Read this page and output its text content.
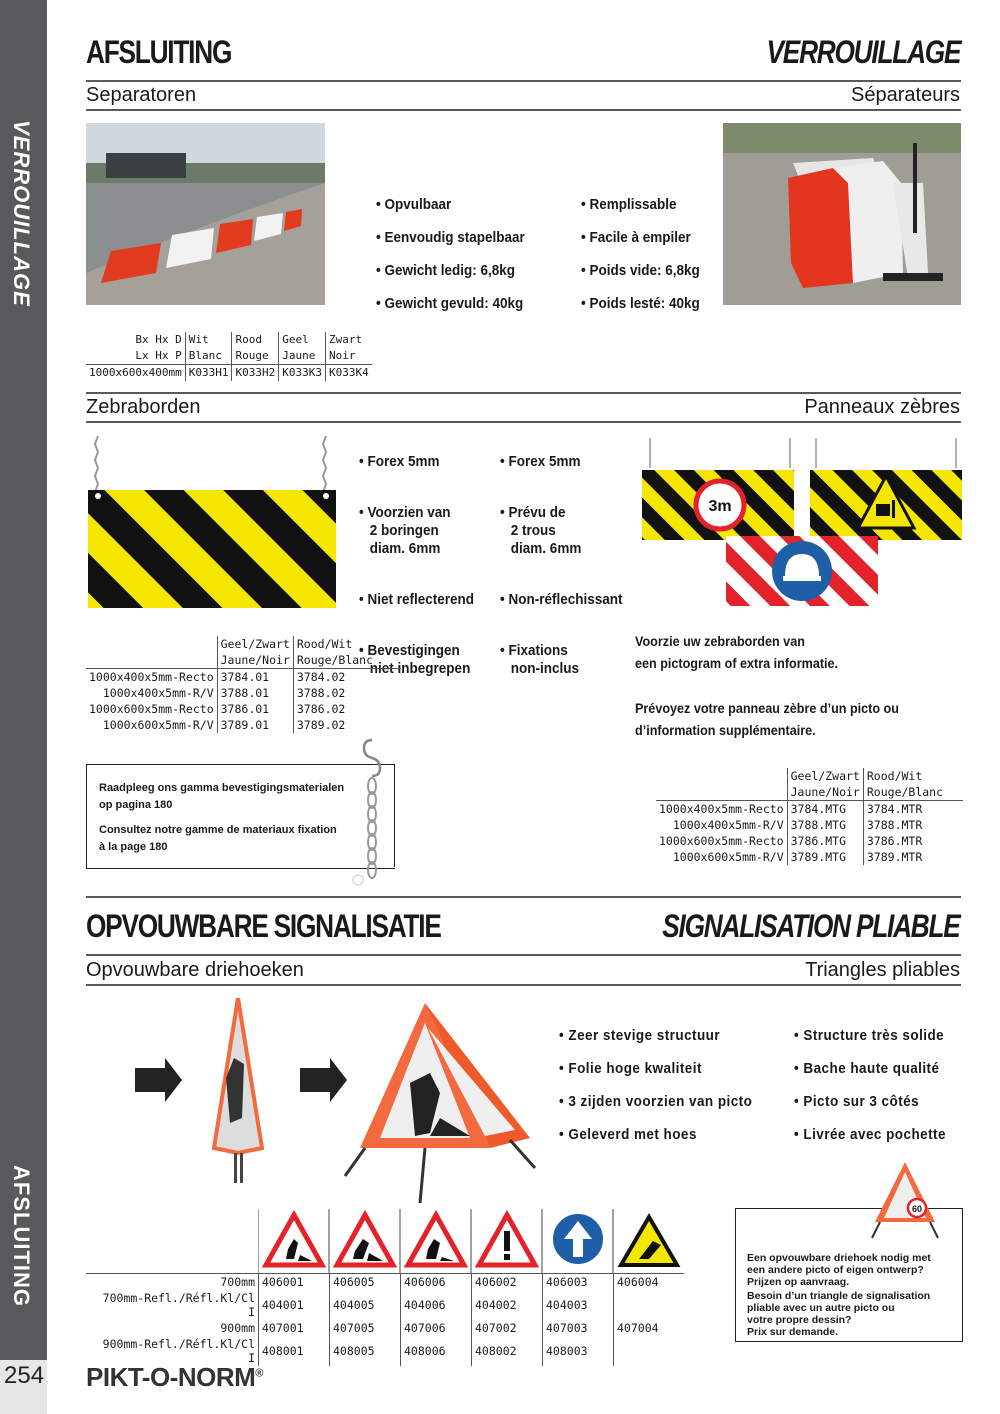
VERROUILLAGE
AFSLUITING
254
AFSLUITING	VERROUILLAGE
Separatoren	Séparateurs
• Opvulbaar
• Eenvoudig stapelbaar
• Gewicht ledig: 6,8kg
• Gewicht gevuld: 40kg
• Remplissable
• Facile à empiler
• Poids vide: 6,8kg
• Poids lesté: 40kg
Bx Hx D	Wit	Rood	Geel	Zwart
Lx Hx P	Blanc	Rouge	Jaune	Noir
1000x600x400mm	K033H1	K033H2	K033K3	K033K4
Zebraborden	Panneaux zèbres

• Forex 5mm

• Voorzien van
2 boringen
diam. 6mm

• Niet reflecterend

• Bevestigingen
niet inbegrepen

• Forex 5mm

• Prévu de
2 trous
diam. 6mm

• Non-réflechissant

• Fixations
non-inclus

3m
	Geel/Zwart	Rood/Wit
	Jaune/Noir	Rouge/Blanc
1000x400x5mm-Recto	3784.01	3784.02
1000x400x5mm-R/V	3788.01	3788.02
1000x600x5mm-Recto	3786.01	3786.02
1000x600x5mm-R/V	3789.01	3789.02
Voorzie uw zebraborden van
een pictogram of extra informatie.
Prévoyez votre panneau zèbre d’un picto ou
d’information supplémentaire.
Raadpleeg ons gamma bevestigingsmaterialen
op pagina 180
Consultez notre gamme de materiaux fixation
à la page 180
	Geel/Zwart	Rood/Wit
	Jaune/Noir	Rouge/Blanc
1000x400x5mm-Recto	3784.MTG	3784.MTR
1000x400x5mm-R/V	3788.MTG	3788.MTR
1000x600x5mm-Recto	3786.MTG	3786.MTR
1000x600x5mm-R/V	3789.MTG	3789.MTR
OPVOUWBARE SIGNALISATIE	SIGNALISATION PLIABLE
Opvouwbare driehoeken	Triangles pliables
• Zeer stevige structuur
• Folie hoge kwaliteit
• 3 zijden voorzien van picto
• Geleverd met hoes
• Structure très solide
• Bache haute qualité
• Picto sur 3 côtés
• Livrée avec pochette
700mm	406001	406005	406006	406002	406003	406004
700mm-Refl./Réfl.Kl/Cl I	404001	404005	404006	404002	404003	
900mm	407001	407005	407006	407002	407003	407004
900mm-Refl./Réfl.Kl/Cl I	408001	408005	408006	408002	408003	
60
Een opvouwbare driehoek nodig met
een andere picto of eigen ontwerp?
Prijzen op aanvraag.
Besoin d’un triangle de signalisation
pliable avec un autre picto ou
votre propre dessin?
Prix sur demande.
PIKT-O-NORM®
